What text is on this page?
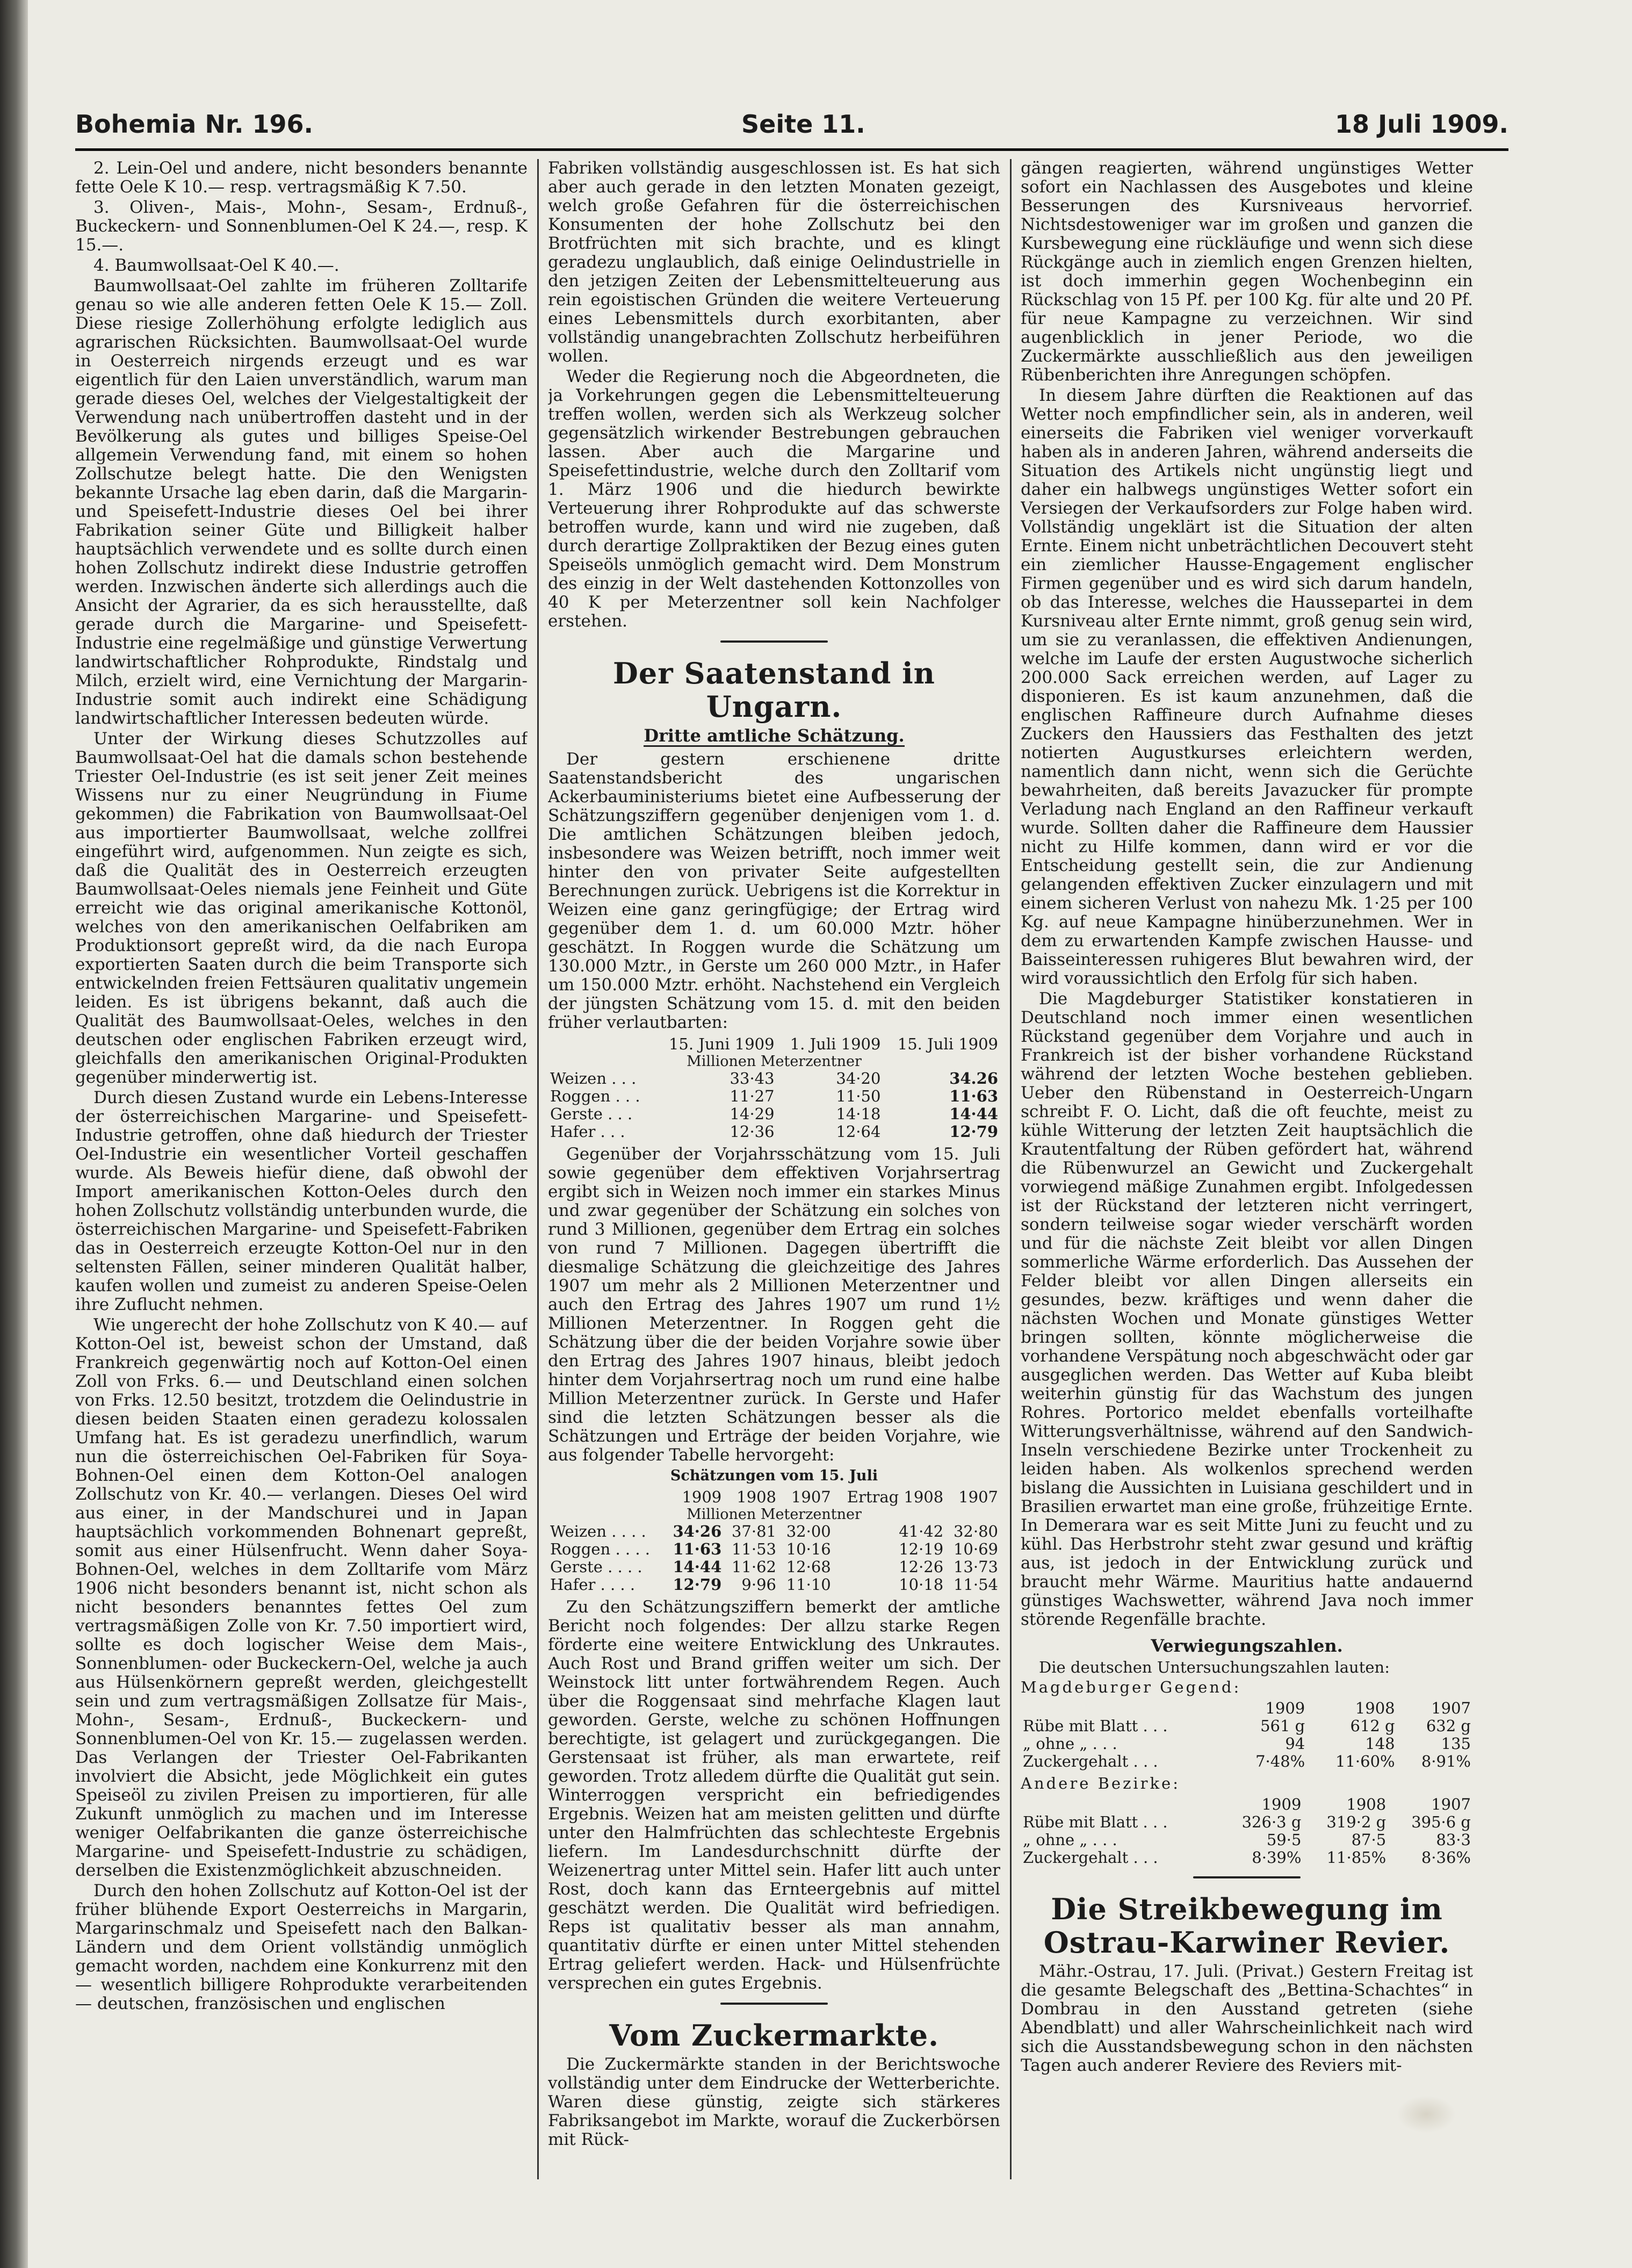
Bohemia Nr. 196.	Seite 11.	18 Juli 1909.

2. Lein-Oel und andere, nicht besonders benannte fette Oele K 10.— resp. vertragsmäßig K 7.50.

3. Oliven-, Mais-, Mohn-, Sesam-, Erdnuß-, Buckeckern- und Sonnenblumen-Oel K 24.—, resp. K 15.—.

4. Baumwollsaat-Oel K 40.—.

Baumwollsaat-Oel zahlte im früheren Zolltarife genau so wie alle anderen fetten Oele K 15.— Zoll. Diese riesige Zollerhöhung erfolgte lediglich aus agrarischen Rücksichten. Baumwollsaat-Oel wurde in Oesterreich nirgends erzeugt und es war eigentlich für den Laien unverständlich, warum man gerade dieses Oel, welches der Vielgestaltigkeit der Verwendung nach unübertroffen dasteht und in der Bevölkerung als gutes und billiges Speise-Oel allgemein Verwendung fand, mit einem so hohen Zollschutze belegt hatte. Die den Wenigsten bekannte Ursache lag eben darin, daß die Margarin- und Speisefett-Industrie dieses Oel bei ihrer Fabrikation seiner Güte und Billigkeit halber hauptsächlich verwendete und es sollte durch einen hohen Zollschutz indirekt diese Industrie getroffen werden. Inzwischen änderte sich allerdings auch die Ansicht der Agrarier, da es sich herausstellte, daß gerade durch die Margarine- und Speisefett-Industrie eine regelmäßige und günstige Verwertung landwirtschaftlicher Rohprodukte, Rindstalg und Milch, erzielt wird, eine Vernichtung der Margarin-Industrie somit auch indirekt eine Schädigung landwirtschaftlicher Interessen bedeuten würde.

Unter der Wirkung dieses Schutzzolles auf Baumwollsaat-Oel hat die damals schon bestehende Triester Oel-Industrie (es ist seit jener Zeit meines Wissens nur zu einer Neugründung in Fiume gekommen) die Fabrikation von Baumwollsaat-Oel aus importierter Baumwollsaat, welche zollfrei eingeführt wird, aufgenommen. Nun zeigte es sich, daß die Qualität des in Oesterreich erzeugten Baumwollsaat-Oeles niemals jene Feinheit und Güte erreicht wie das original amerikanische Kottonöl, welches von den amerikanischen Oelfabriken am Produktionsort gepreßt wird, da die nach Europa exportierten Saaten durch die beim Transporte sich entwickelnden freien Fettsäuren qualitativ ungemein leiden. Es ist übrigens bekannt, daß auch die Qualität des Baumwollsaat-Oeles, welches in den deutschen oder englischen Fabriken erzeugt wird, gleichfalls den amerikanischen Original-Produkten gegenüber minderwertig ist.

Durch diesen Zustand wurde ein Lebens-Interesse der österreichischen Margarine- und Speisefett-Industrie getroffen, ohne daß hiedurch der Triester Oel-Industrie ein wesentlicher Vorteil geschaffen wurde. Als Beweis hiefür diene, daß obwohl der Import amerikanischen Kotton-Oeles durch den hohen Zollschutz vollständig unterbunden wurde, die österreichischen Margarine- und Speisefett-Fabriken das in Oesterreich erzeugte Kotton-Oel nur in den seltensten Fällen, seiner minderen Qualität halber, kaufen wollen und zumeist zu anderen Speise-Oelen ihre Zuflucht nehmen.

Wie ungerecht der hohe Zollschutz von K 40.— auf Kotton-Oel ist, beweist schon der Umstand, daß Frankreich gegenwärtig noch auf Kotton-Oel einen Zoll von Frks. 6.— und Deutschland einen solchen von Frks. 12.50 besitzt, trotzdem die Oelindustrie in diesen beiden Staaten einen geradezu kolossalen Umfang hat. Es ist geradezu unerfindlich, warum nun die österreichischen Oel-Fabriken für Soya-Bohnen-Oel einen dem Kotton-Oel analogen Zollschutz von Kr. 40.— verlangen. Dieses Oel wird aus einer, in der Mandschurei und in Japan hauptsächlich vorkommenden Bohnenart gepreßt, somit aus einer Hülsenfrucht. Wenn daher Soya-Bohnen-Oel, welches in dem Zolltarife vom März 1906 nicht besonders benannt ist, nicht schon als nicht besonders benanntes fettes Oel zum vertragsmäßigen Zolle von Kr. 7.50 importiert wird, sollte es doch logischer Weise dem Mais-, Sonnenblumen- oder Buckeckern-Oel, welche ja auch aus Hülsenkörnern gepreßt werden, gleichgestellt sein und zum vertragsmäßigen Zollsatze für Mais-, Mohn-, Sesam-, Erdnuß-, Buckeckern- und Sonnenblumen-Oel von Kr. 15.— zugelassen werden. Das Verlangen der Triester Oel-Fabrikanten involviert die Absicht, jede Möglichkeit ein gutes Speiseöl zu zivilen Preisen zu importieren, für alle Zukunft unmöglich zu machen und im Interesse weniger Oelfabrikanten die ganze österreichische Margarine- und Speisefett-Industrie zu schädigen, derselben die Existenzmöglichkeit abzuschneiden.

Durch den hohen Zollschutz auf Kotton-Oel ist der früher blühende Export Oesterreichs in Margarin, Margarinschmalz und Speisefett nach den Balkan-Ländern und dem Orient vollständig unmöglich gemacht worden, nachdem eine Konkurrenz mit den — wesentlich billigere Rohprodukte verarbeitenden — deutschen, französischen und englischen

Fabriken vollständig ausgeschlossen ist. Es hat sich aber auch gerade in den letzten Monaten gezeigt, welch große Gefahren für die österreichischen Konsumenten der hohe Zollschutz bei den Brotfrüchten mit sich brachte, und es klingt geradezu unglaublich, daß einige Oelindustrielle in den jetzigen Zeiten der Lebensmittelteuerung aus rein egoistischen Gründen die weitere Verteuerung eines Lebensmittels durch exorbitanten, aber vollständig unangebrachten Zollschutz herbeiführen wollen.

Weder die Regierung noch die Abgeordneten, die ja Vorkehrungen gegen die Lebensmittelteuerung treffen wollen, werden sich als Werkzeug solcher gegensätzlich wirkender Bestrebungen gebrauchen lassen. Aber auch die Margarine und Speisefettindustrie, welche durch den Zolltarif vom 1. März 1906 und die hiedurch bewirkte Verteuerung ihrer Rohprodukte auf das schwerste betroffen wurde, kann und wird nie zugeben, daß durch derartige Zollpraktiken der Bezug eines guten Speiseöls unmöglich gemacht wird. Dem Monstrum des einzig in der Welt dastehenden Kottonzolles von 40 K per Meterzentner soll kein Nachfolger erstehen.

Der Saatenstand in Ungarn.
Dritte amtliche Schätzung.

Der gestern erschienene dritte Saatenstandsbericht des ungarischen Ackerbauministeriums bietet eine Aufbesserung der Schätzungsziffern gegenüber denjenigen vom 1. d. Die amtlichen Schätzungen bleiben jedoch, insbesondere was Weizen betrifft, noch immer weit hinter den von privater Seite aufgestellten Berechnungen zurück. Uebrigens ist die Korrektur in Weizen eine ganz geringfügige; der Ertrag wird gegenüber dem 1. d. um 60.000 Mztr. höher geschätzt. In Roggen wurde die Schätzung um 130.000 Mztr., in Gerste um 260 000 Mztr., in Hafer um 150.000 Mztr. erhöht. Nachstehend ein Vergleich der jüngsten Schätzung vom 15. d. mit den beiden früher verlautbarten:

	15. Juni 1909	1. Juli 1909	15. Juli 1909
Millionen Meterzentner			
Weizen . . .	33·43	34·20	34.26
Roggen . . .	11·27	11·50	11·63
Gerste . . .	14·29	14·18	14·44
Hafer . . .	12·36	12·64	12·79

Gegenüber der Vorjahrsschätzung vom 15. Juli sowie gegenüber dem effektiven Vorjahrsertrag ergibt sich in Weizen noch immer ein starkes Minus und zwar gegenüber der Schätzung ein solches von rund 3 Millionen, gegenüber dem Ertrag ein solches von rund 7 Millionen. Dagegen übertrifft die diesmalige Schätzung die gleichzeitige des Jahres 1907 um mehr als 2 Millionen Meterzentner und auch den Ertrag des Jahres 1907 um rund 1½ Millionen Meterzentner. In Roggen geht die Schätzung über die der beiden Vorjahre sowie über den Ertrag des Jahres 1907 hinaus, bleibt jedoch hinter dem Vorjahrsertrag noch um rund eine halbe Million Meterzentner zurück. In Gerste und Hafer sind die letzten Schätzungen besser als die Schätzungen und Erträge der beiden Vorjahre, wie aus folgender Tabelle hervorgeht:

Schätzungen vom 15. Juli
	1909	1908	1907	Ertrag 1908	1907
Millionen Meterzentner					
Weizen . . . .	34·26	37·81	32·00	41·42	32·80
Roggen . . . .	11·63	11·53	10·16	12·19	10·69
Gerste . . . .	14·44	11·62	12·68	12·26	13·73
Hafer . . . .	12·79	9·96	11·10	10·18	11·54

Zu den Schätzungsziffern bemerkt der amtliche Bericht noch folgendes: Der allzu starke Regen förderte eine weitere Entwicklung des Unkrautes. Auch Rost und Brand griffen weiter um sich. Der Weinstock litt unter fortwährendem Regen. Auch über die Roggensaat sind mehrfache Klagen laut geworden. Gerste, welche zu schönen Hoffnungen berechtigte, ist gelagert und zurückgegangen. Die Gerstensaat ist früher, als man erwartete, reif geworden. Trotz alledem dürfte die Qualität gut sein. Winterroggen verspricht ein befriedigendes Ergebnis. Weizen hat am meisten gelitten und dürfte unter den Halmfrüchten das schlechteste Ergebnis liefern. Im Landesdurchschnitt dürfte der Weizenertrag unter Mittel sein. Hafer litt auch unter Rost, doch kann das Ernteergebnis auf mittel geschätzt werden. Die Qualität wird befriedigen. Reps ist qualitativ besser als man annahm, quantitativ dürfte er einen unter Mittel stehenden Ertrag geliefert werden. Hack- und Hülsenfrüchte versprechen ein gutes Ergebnis.

Vom Zuckermarkte.

Die Zuckermärkte standen in der Berichtswoche vollständig unter dem Eindrucke der Wetterberichte. Waren diese günstig, zeigte sich stärkeres Fabriksangebot im Markte, worauf die Zuckerbörsen mit Rück-

gängen reagierten, während ungünstiges Wetter sofort ein Nachlassen des Ausgebotes und kleine Besserungen des Kursniveaus hervorrief. Nichtsdestoweniger war im großen und ganzen die Kursbewegung eine rückläufige und wenn sich diese Rückgänge auch in ziemlich engen Grenzen hielten, ist doch immerhin gegen Wochenbeginn ein Rückschlag von 15 Pf. per 100 Kg. für alte und 20 Pf. für neue Kampagne zu verzeichnen. Wir sind augenblicklich in jener Periode, wo die Zuckermärkte ausschließlich aus den jeweiligen Rübenberichten ihre Anregungen schöpfen.

In diesem Jahre dürften die Reaktionen auf das Wetter noch empfindlicher sein, als in anderen, weil einerseits die Fabriken viel weniger vorverkauft haben als in anderen Jahren, während anderseits die Situation des Artikels nicht ungünstig liegt und daher ein halbwegs ungünstiges Wetter sofort ein Versiegen der Verkaufsorders zur Folge haben wird. Vollständig ungeklärt ist die Situation der alten Ernte. Einem nicht unbeträchtlichen Decouvert steht ein ziemlicher Hausse-Engagement englischer Firmen gegenüber und es wird sich darum handeln, ob das Interesse, welches die Haussepartei in dem Kursniveau alter Ernte nimmt, groß genug sein wird, um sie zu veranlassen, die effektiven Andienungen, welche im Laufe der ersten Augustwoche sicherlich 200.000 Sack erreichen werden, auf Lager zu disponieren. Es ist kaum anzunehmen, daß die englischen Raffineure durch Aufnahme dieses Zuckers den Haussiers das Festhalten des jetzt notierten Augustkurses erleichtern werden, namentlich dann nicht, wenn sich die Gerüchte bewahrheiten, daß bereits Javazucker für prompte Verladung nach England an den Raffineur verkauft wurde. Sollten daher die Raffineure dem Haussier nicht zu Hilfe kommen, dann wird er vor die Entscheidung gestellt sein, die zur Andienung gelangenden effektiven Zucker einzulagern und mit einem sicheren Verlust von nahezu Mk. 1·25 per 100 Kg. auf neue Kampagne hinüberzunehmen. Wer in dem zu erwartenden Kampfe zwischen Hausse- und Baisseinteressen ruhigeres Blut bewahren wird, der wird voraussichtlich den Erfolg für sich haben.

Die Magdeburger Statistiker konstatieren in Deutschland noch immer einen wesentlichen Rückstand gegenüber dem Vorjahre und auch in Frankreich ist der bisher vorhandene Rückstand während der letzten Woche bestehen geblieben. Ueber den Rübenstand in Oesterreich-Ungarn schreibt F. O. Licht, daß die oft feuchte, meist zu kühle Witterung der letzten Zeit hauptsächlich die Krautentfaltung der Rüben gefördert hat, während die Rübenwurzel an Gewicht und Zuckergehalt vorwiegend mäßige Zunahmen ergibt. Infolgedessen ist der Rückstand der letzteren nicht verringert, sondern teilweise sogar wieder verschärft worden und für die nächste Zeit bleibt vor allen Dingen sommerliche Wärme erforderlich. Das Aussehen der Felder bleibt vor allen Dingen allerseits ein gesundes, bezw. kräftiges und wenn daher die nächsten Wochen und Monate günstiges Wetter bringen sollten, könnte möglicherweise die vorhandene Verspätung noch abgeschwächt oder gar ausgeglichen werden. Das Wetter auf Kuba bleibt weiterhin günstig für das Wachstum des jungen Rohres. Portorico meldet ebenfalls vorteilhafte Witterungsverhältnisse, während auf den Sandwich-Inseln verschiedene Bezirke unter Trockenheit zu leiden haben. Als wolkenlos sprechend werden bislang die Aussichten in Luisiana geschildert und in Brasilien erwartet man eine große, frühzeitige Ernte. In Demerara war es seit Mitte Juni zu feucht und zu kühl. Das Herbstrohr steht zwar gesund und kräftig aus, ist jedoch in der Entwicklung zurück und braucht mehr Wärme. Mauritius hatte andauernd günstiges Wachswetter, während Java noch immer störende Regenfälle brachte.

Verwiegungszahlen.
Die deutschen Untersuchungszahlen lauten:
Magdeburger Gegend:
	1909	1908	1907
Rübe mit Blatt . . .	561 g	612 g	632 g
„ ohne „ . . .	94	148	135
Zuckergehalt . . .	7·48%	11·60%	8·91%
Andere Bezirke:
	1909	1908	1907
Rübe mit Blatt . . .	326·3 g	319·2 g	395·6 g
„ ohne „ . . .	59·5	87·5	83·3
Zuckergehalt . . .	8·39%	11·85%	8·36%
Die Streikbewegung im
Ostrau-Karwiner Revier.

Mähr.-Ostrau, 17. Juli. (Privat.) Gestern Freitag ist die gesamte Belegschaft des „Bettina-Schachtes“ in Dombrau in den Ausstand getreten (siehe Abendblatt) und aller Wahrscheinlichkeit nach wird sich die Ausstandsbewegung schon in den nächsten Tagen auch anderer Reviere des Reviers mit-
